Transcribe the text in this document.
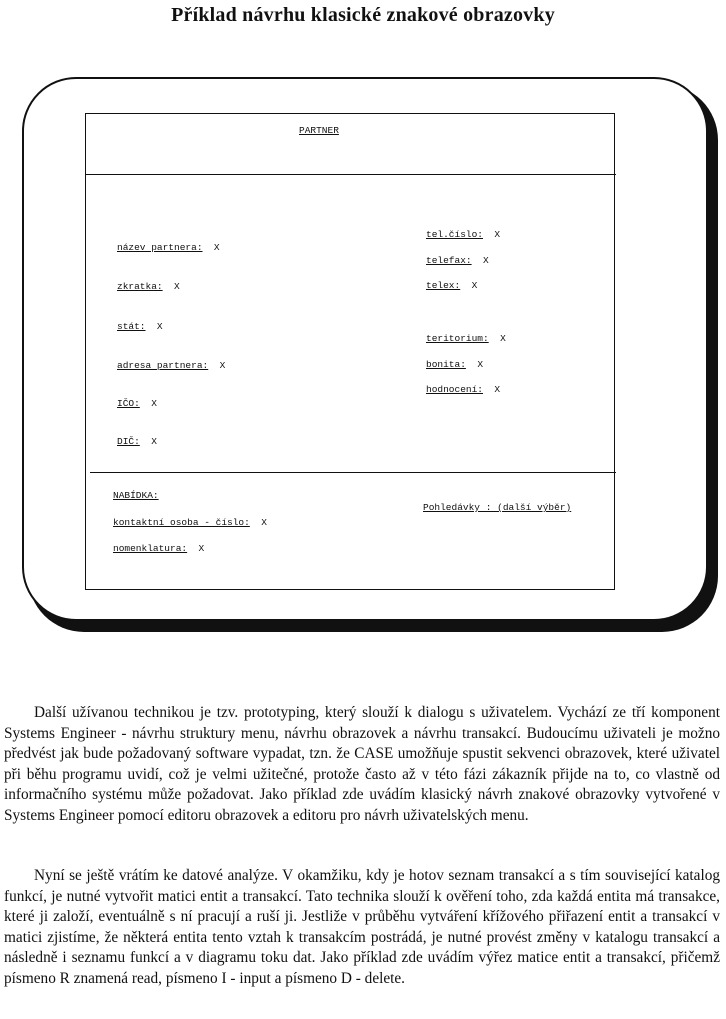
Příklad návrhu klasické znakové obrazovky
PARTNER
název partnera: X
zkratka: X
stát: X
adresa partnera: X
IČO: X
DIČ: X
tel.číslo: X
telefax: X
telex: X
teritorium: X
bonita: X
hodnocení: X
NABÍDKA:
kontaktní osoba - číslo: X
nomenklatura: X
Pohledávky : (další výběr)
Další užívanou technikou je tzv. prototyping, který slouží k dialogu s uživatelem. Vychází ze tří komponent Systems Engineer - návrhu struktury menu, návrhu obrazovek a návrhu transakcí. Budoucímu uživateli je možno předvést jak bude požadovaný software vypadat, tzn. že CASE umožňuje spustit sekvenci obrazovek, které uživatel při běhu programu uvidí, což je velmi užitečné, protože často až v této fázi zákazník přijde na to, co vlastně od informačního systému může požadovat. Jako příklad zde uvádím klasický návrh znakové obrazovky vytvořené v Systems Engineer pomocí editoru obrazovek a editoru pro návrh uživatelských menu.
Nyní se ještě vrátím ke datové analýze. V okamžiku, kdy je hotov seznam transakcí a s tím související katalog funkcí, je nutné vytvořit matici entit a transakcí. Tato technika slouží k ověření toho, zda každá entita má transakce, které ji založí, eventuálně s ní pracují a ruší ji. Jestliže v průběhu vytváření křížového přiřazení entit a transakcí v matici zjistíme, že některá entita tento vztah k transakcím postrádá, je nutné provést změny v katalogu transakcí a následně i seznamu funkcí a v diagramu toku dat. Jako příklad zde uvádím výřez matice entit a transakcí, přičemž písmeno R znamená read, písmeno I - input a písmeno D - delete.
